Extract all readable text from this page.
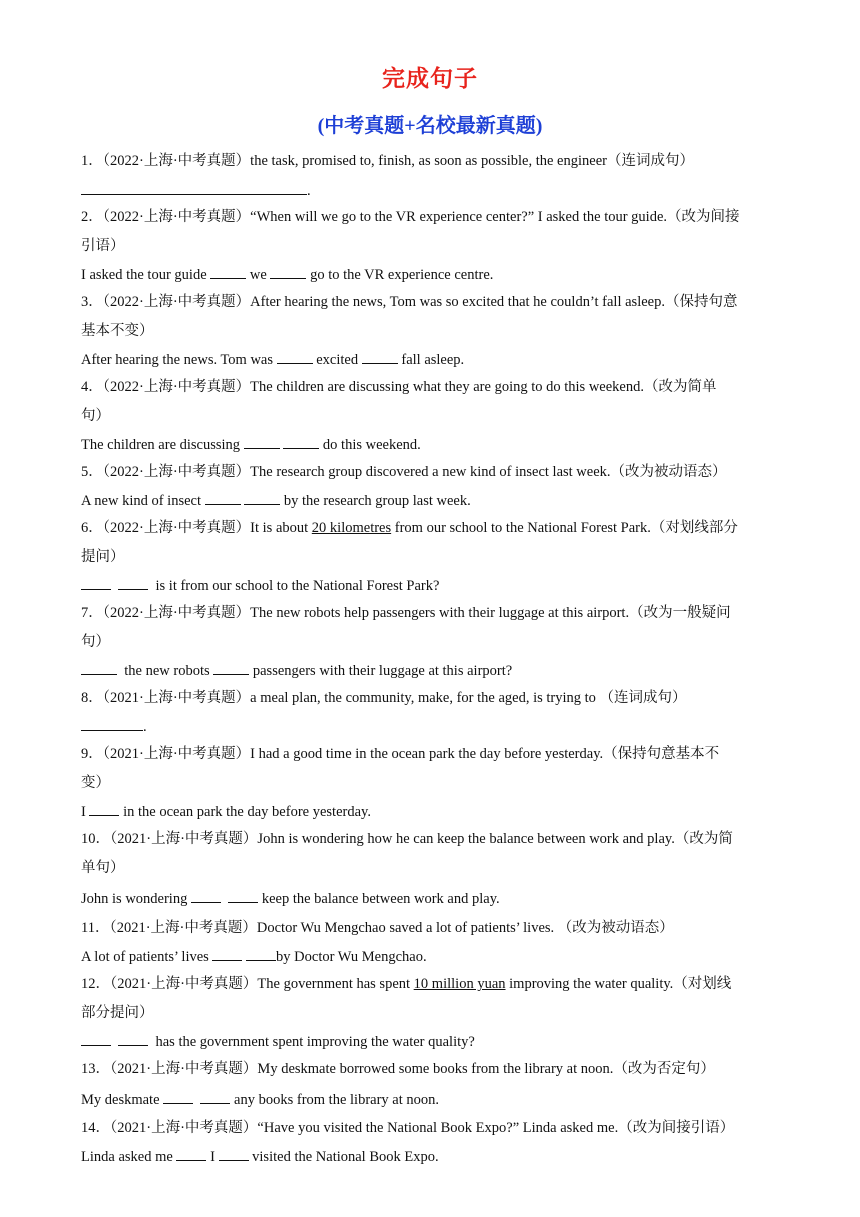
完成句子
(中考真题+名校最新真题)
1．（2022·上海·中考真题）the task, promised to, finish, as soon as possible, the engineer（连词成句）
.
2．（2022·上海·中考真题）“When will we go to the VR experience center?” I asked the tour guide.（改为间接
引语）
I asked the tour guide  we  go to the VR experience centre.
3．（2022·上海·中考真题）After hearing the news, Tom was so excited that he couldn’t fall asleep.（保持句意
基本不变）
After hearing the news. Tom was  excited  fall asleep.
4．（2022·上海·中考真题）The children are discussing what they are going to do this weekend.（改为简单
句）
The children are discussing	do this weekend.
5．（2022·上海·中考真题）The research group discovered a new kind of insect last week.（改为被动语态）
A new kind of insect	by the research group last week.
6．（2022·上海·中考真题）It is about 20 kilometres from our school to the National Forest Park.（对划线部分
提问）
is it from our school to the National Forest Park?
7．（2022·上海·中考真题）The new robots help passengers with their luggage at this airport.（改为一般疑问
句）
the new robots  passengers with their luggage at this airport?
8．（2021·上海·中考真题）a meal plan, the community, make, for the aged, is trying to （连词成句）
.
9．（2021·上海·中考真题）I had a good time in the ocean park the day before yesterday.（保持句意基本不
变）
I  in the ocean park the day before yesterday.
10．（2021·上海·中考真题）John is wondering how he can keep the balance between work and play.（改为简
单句）
John is wondering	keep the balance between work and play.
11．（2021·上海·中考真题）Doctor Wu Mengchao saved a lot of patients’ lives. （改为被动语态）
A lot of patients’ lives	by Doctor Wu Mengchao.
12．（2021·上海·中考真题）The government has spent 10 million yuan improving the water quality.（对划线
部分提问）
has the government spent improving the water quality?
13．（2021·上海·中考真题）My deskmate borrowed some books from the library at noon.（改为否定句）
My deskmate	any books from the library at noon.
14．（2021·上海·中考真题）“Have you visited the National Book Expo?” Linda asked me.（改为间接引语）
Linda asked me  I  visited the National Book Expo.
